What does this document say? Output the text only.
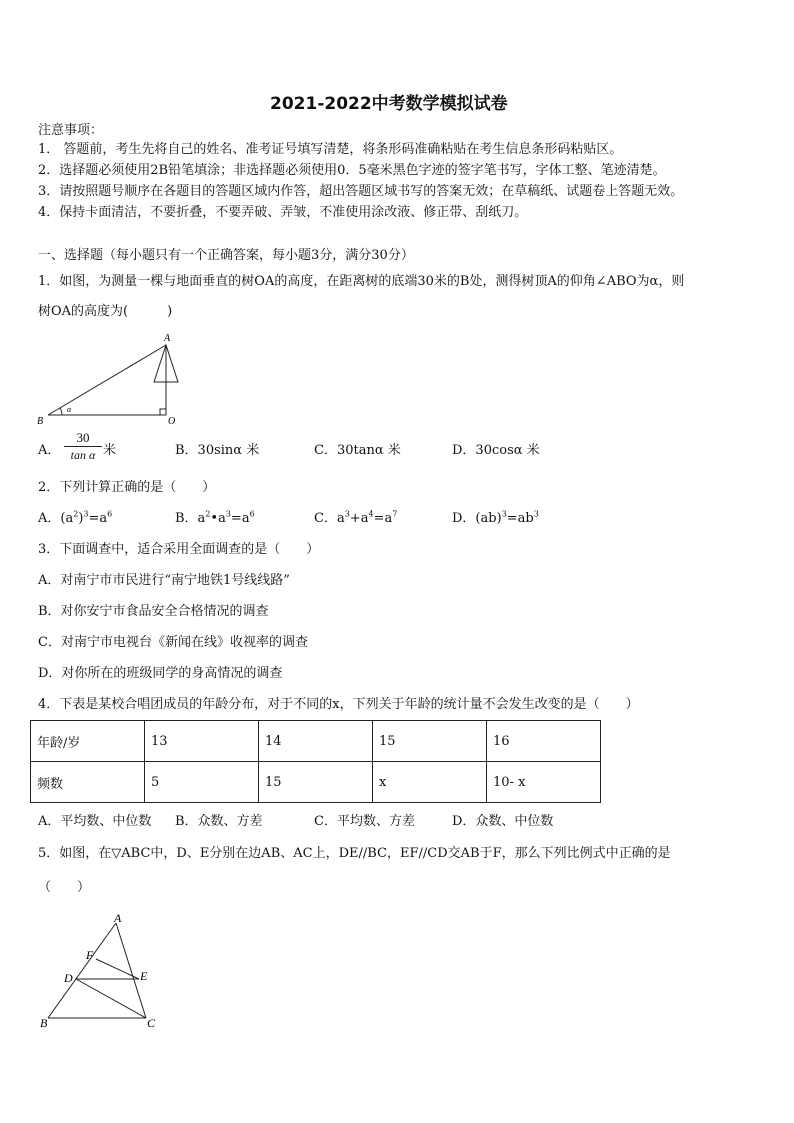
2021-2022中考数学模拟试卷
注意事项：
1． 答题前，考生先将自己的姓名、准考证号填写清楚，将条形码准确粘贴在考生信息条形码粘贴区。
2．选择题必须使用2B铅笔填涂；非选择题必须使用0．5毫米黑色字迹的签字笔书写，字体工整、笔迹清楚。
3．请按照题号顺序在各题目的答题区域内作答，超出答题区域书写的答案无效；在草稿纸、试题卷上答题无效。
4．保持卡面清洁，不要折叠，不要弄破、弄皱，不准使用涂改液、修正带、刮纸刀。
一、选择题（每小题只有一个正确答案，每小题3分，满分30分）
1．如图，为测量一棵与地面垂直的树OA的高度，在距离树的底端30米的B处，测得树顶A的仰角∠ABO为α，则
树OA的高度为(　　　)
A
B	O
α
A．
30
tan α 米	B．30sinα 米	C．30tanα 米	D．30cosα 米
2．下列计算正确的是（　　）
A．$(a^2)^3=a^6$	B．$a^2•a^3=a^6$	C．$a^3+a^4=a^7$	D．$(ab)^3=ab^3$
3．下面调查中，适合采用全面调查的是（　　）
A．对南宁市市民进行“南宁地铁1号线线路”
B．对你安宁市食品安全合格情况的调查
C．对南宁市电视台《新闻在线》收视率的调查
D．对你所在的班级同学的身高情况的调查
4．下表是某校合唱团成员的年龄分布，对于不同的x，下列关于年龄的统计量不会发生改变的是（　　）
年龄/岁	13	14	15	16
频数	5	15	x	10- x
A．平均数、中位数 B．众数、方差	C．平均数、方差	D．众数、中位数
5．如图，在▽ABC中，D、E分别在边AB、AC上，DE//BC，EF//CD交AB于F，那么下列比例式中正确的是
（　　）
A
B	C
D	E
F
